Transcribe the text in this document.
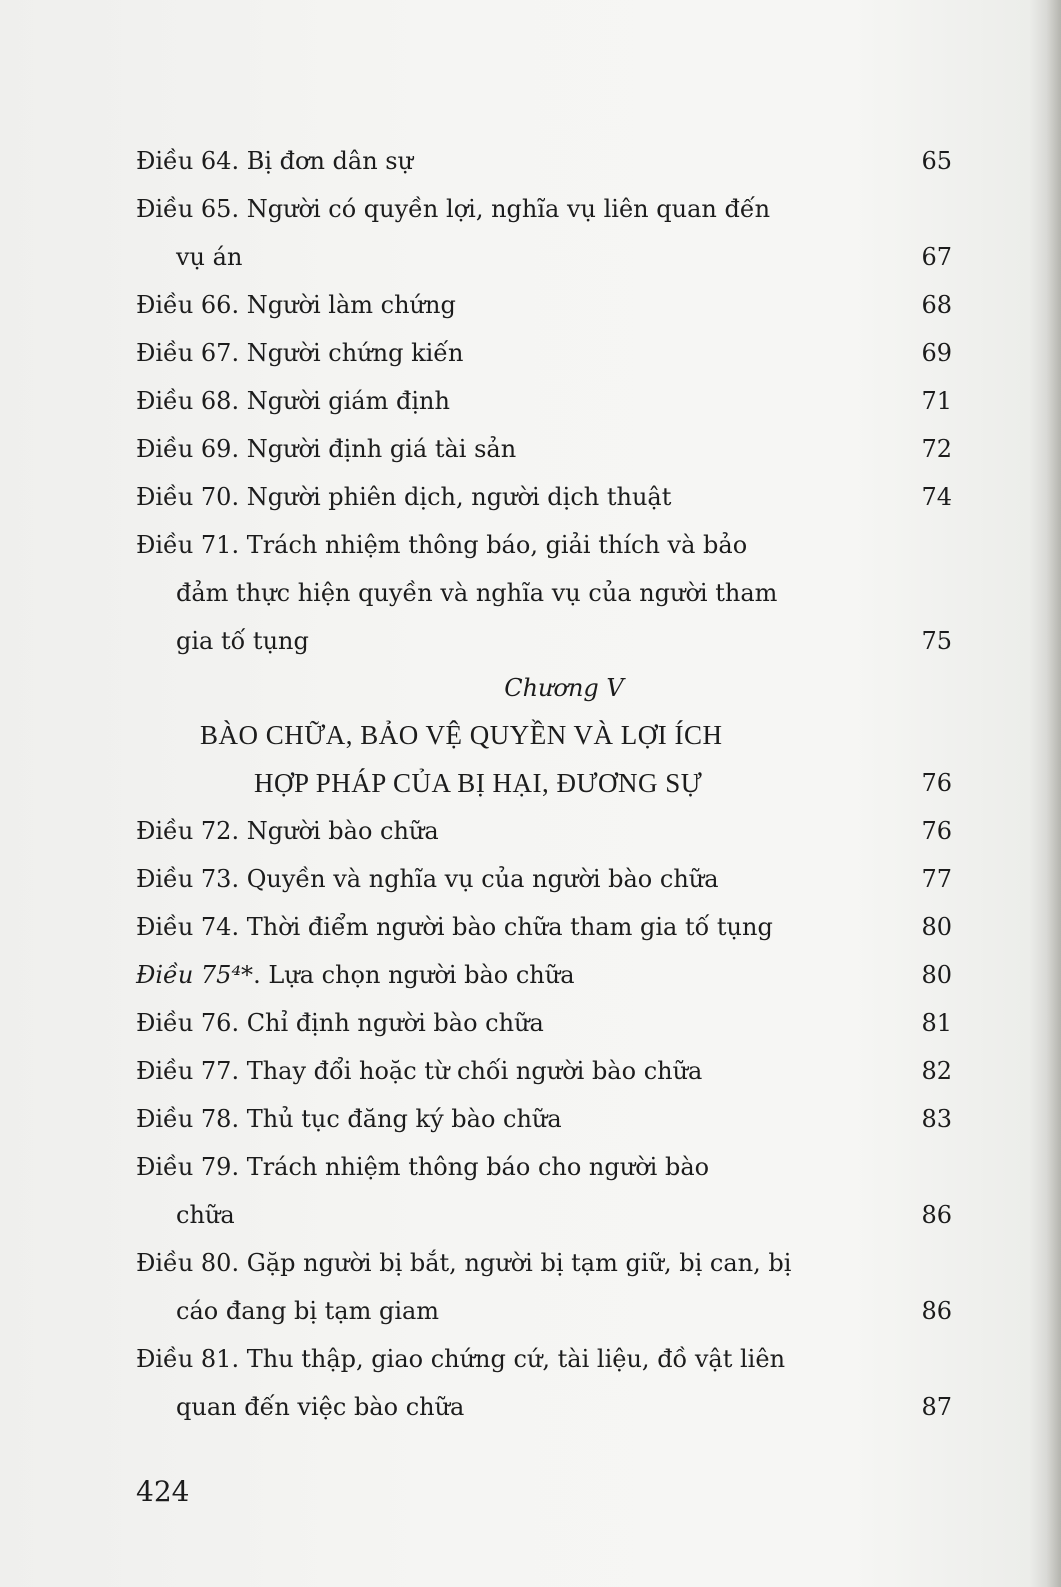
Điều 64. Bị đơn dân sự	65
Điều 65. Người có quyền lợi, nghĩa vụ liên quan đến
vụ án	67
Điều 66. Người làm chứng	68
Điều 67. Người chứng kiến	69
Điều 68. Người giám định	71
Điều 69. Người định giá tài sản	72
Điều 70. Người phiên dịch, người dịch thuật	74
Điều 71. Trách nhiệm thông báo, giải thích và bảo
đảm thực hiện quyền và nghĩa vụ của người tham
gia tố tụng	75
Chương V
BÀO CHỮA, BẢO VỆ QUYỀN VÀ LỢI ÍCH
HỢP PHÁP CỦA BỊ HẠI, ĐƯƠNG SỰ	76
Điều 72. Người bào chữa	76
Điều 73. Quyền và nghĩa vụ của người bào chữa	77
Điều 74. Thời điểm người bào chữa tham gia tố tụng	80
Điều 75⁴*. Lựa chọn người bào chữa	80
Điều 76. Chỉ định người bào chữa	81
Điều 77. Thay đổi hoặc từ chối người bào chữa	82
Điều 78. Thủ tục đăng ký bào chữa	83
Điều 79. Trách nhiệm thông báo cho người bào
chữa	86
Điều 80. Gặp người bị bắt, người bị tạm giữ, bị can, bị
cáo đang bị tạm giam	86
Điều 81. Thu thập, giao chứng cứ, tài liệu, đồ vật liên
quan đến việc bào chữa	87
424
